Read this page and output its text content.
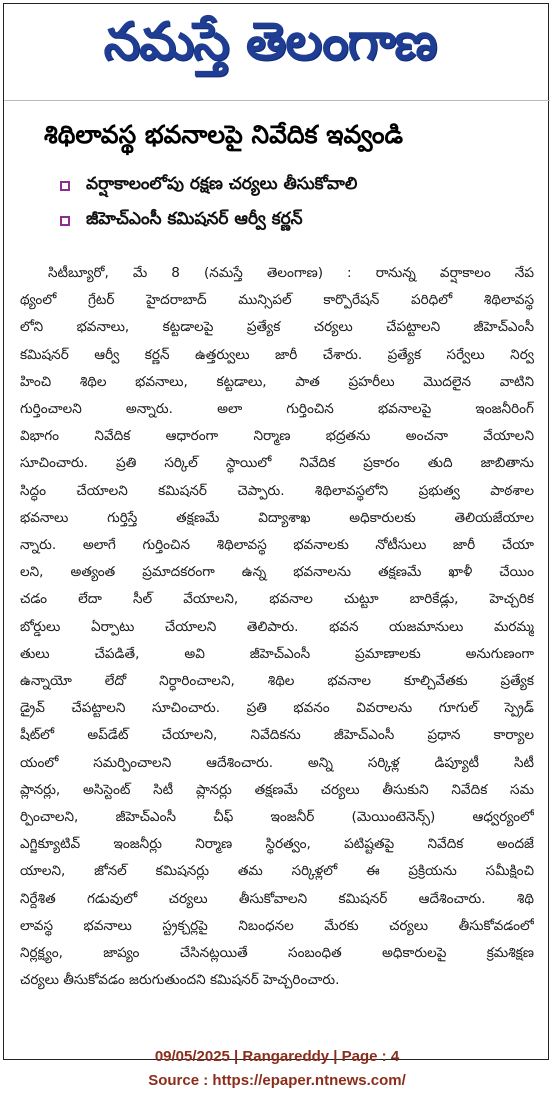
నమస్తే తెలంగాణ
శిథిలావస్థ భవనాలపై నివేదిక ఇవ్వండి
వర్షాకాలంలోపు రక్షణ చర్యలు తీసుకోవాలి
జీహెచ్ఎంసీ కమిషనర్ ఆర్వీ కర్ణన్
సిటీబ్యూరో, మే 8 (నమస్తే తెలంగాణ) : రానున్న వర్షాకాలం నేప
థ్యంలో గ్రేటర్ హైదరాబాద్ మున్సిపల్ కార్పొరేషన్ పరిధిలో శిథిలావస్థ
లోని భవనాలు, కట్టడాలపై ప్రత్యేక చర్యలు చేపట్టాలని జీహెచ్ఎంసీ
కమిషనర్ ఆర్వీ కర్ణన్ ఉత్తర్వులు జారీ చేశారు. ప్రత్యేక సర్వేలు నిర్వ
హించి శిథిల భవనాలు, కట్టడాలు, పాత ప్రహరీలు మొదలైన వాటిని
గుర్తించాలని అన్నారు. అలా గుర్తించిన భవనాలపై ఇంజనీరింగ్
విభాగం నివేదిక ఆధారంగా నిర్మాణ భద్రతను అంచనా వేయాలని
సూచించారు. ప్రతి సర్కిల్ స్థాయిలో నివేదిక ప్రకారం తుది జాబితాను
సిద్ధం చేయాలని కమిషనర్ చెప్పారు. శిథిలావస్థలోని ప్రభుత్వ పాఠశాల
భవనాలు గుర్తిస్తే తక్షణమే విద్యాశాఖ అధికారులకు తెలియజేయాల
న్నారు. అలాగే గుర్తించిన శిథిలావస్థ భవనాలకు నోటీసులు జారీ చేయా
లని, అత్యంత ప్రమాదకరంగా ఉన్న భవనాలను తక్షణమే ఖాళీ చేయిం
చడం లేదా సీల్ వేయాలని, భవనాల చుట్టూ బారికేడ్లు, హెచ్చరిక
బోర్డులు ఏర్పాటు చేయాలని తెలిపారు. భవన యజమానులు మరమ్మ
తులు చేపడితే, అవి జీహెచ్ఎంసీ ప్రమాణాలకు అనుగుణంగా
ఉన్నాయో లేదో నిర్ధారించాలని, శిథిల భవనాల కూల్చివేతకు ప్రత్యేక
డ్రైవ్ చేపట్టాలని సూచించారు. ప్రతి భవనం వివరాలను గూగుల్ స్ప్రెడ్
షీట్‌లో అప్‌డేట్ చేయాలని, నివేదికను జీహెచ్ఎంసీ ప్రధాన కార్యాల
యంలో సమర్పించాలని ఆదేశించారు. అన్ని సర్కిళ్ల డిప్యూటీ సిటీ
ప్లానర్లు, అసిస్టెంట్ సిటీ ప్లానర్లు తక్షణమే చర్యలు తీసుకుని నివేదిక సమ
ర్పించాలని, జీహెచ్ఎంసీ చీఫ్ ఇంజనీర్ (మెయింటెనెన్స్) ఆధ్వర్యంలో
ఎగ్జిక్యూటివ్ ఇంజనీర్లు నిర్మాణ స్థిరత్వం, పటిష్టతపై నివేదిక అందజే
యాలని, జోనల్ కమిషనర్లు తమ సర్కిళ్లలో ఈ ప్రక్రియను సమీక్షించి
నిర్దేశిత గడువులో చర్యలు తీసుకోవాలని కమిషనర్ ఆదేశించారు. శిథి
లావస్థ భవనాలు స్ట్రక్చర్లపై నిబంధనల మేరకు చర్యలు తీసుకోవడంలో
నిర్లక్ష్యం, జాప్యం చేసినట్లయితే సంబంధిత అధికారులపై క్రమశిక్షణ
చర్యలు తీసుకోవడం జరుగుతుందని కమిషనర్ హెచ్చరించారు.
09/05/2025 | Rangareddy | Page : 4
Source : https://epaper.ntnews.com/
